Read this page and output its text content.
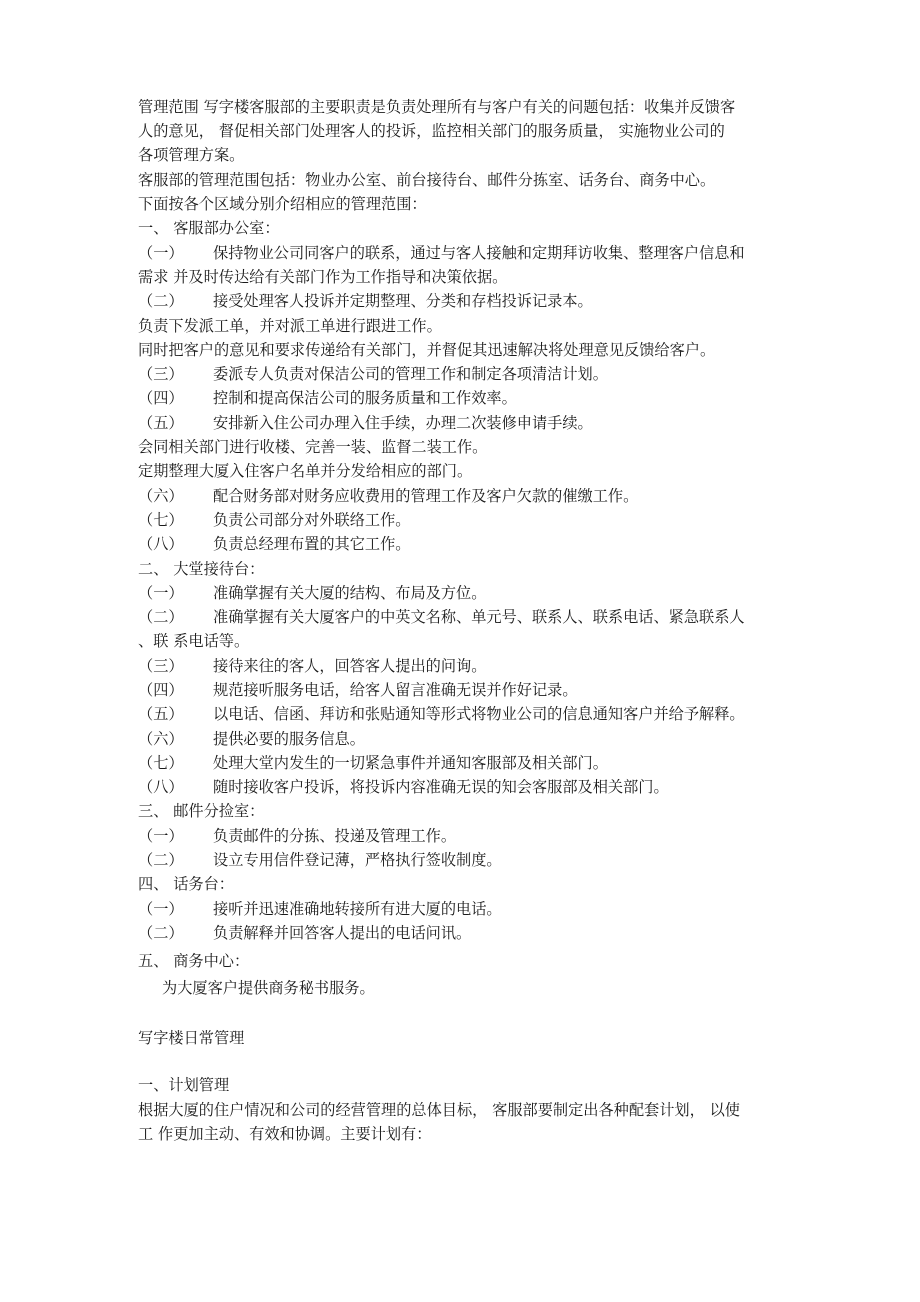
管理范围 写字楼客服部的主要职责是负责处理所有与客户有关的问题包括：收集并反馈客
人的意见， 督促相关部门处理客人的投诉，监控相关部门的服务质量， 实施物业公司的
各项管理方案。
客服部的管理范围包括：物业办公室、前台接待台、邮件分拣室、话务台、商务中心。
下面按各个区域分别介绍相应的管理范围：
一、 客服部办公室：
（一） 保持物业公司同客户的联系，通过与客人接触和定期拜访收集、整理客户信息和
需求 并及时传达给有关部门作为工作指导和决策依据。
（二） 接受处理客人投诉并定期整理、分类和存档投诉记录本。
负责下发派工单，并对派工单进行跟进工作。
同时把客户的意见和要求传递给有关部门，并督促其迅速解决将处理意见反馈给客户。
（三） 委派专人负责对保洁公司的管理工作和制定各项清洁计划。
（四） 控制和提高保洁公司的服务质量和工作效率。
（五） 安排新入住公司办理入住手续，办理二次装修申请手续。
会同相关部门进行收楼、完善一装、监督二装工作。
定期整理大厦入住客户名单并分发给相应的部门。
（六） 配合财务部对财务应收费用的管理工作及客户欠款的催缴工作。
（七） 负责公司部分对外联络工作。
（八） 负责总经理布置的其它工作。
二、 大堂接待台：
（一） 准确掌握有关大厦的结构、布局及方位。
（二） 准确掌握有关大厦客户的中英文名称、单元号、联系人、联系电话、紧急联系人
、联 系电话等。
（三） 接待来往的客人，回答客人提出的问询。
（四） 规范接听服务电话，给客人留言准确无误并作好记录。
（五） 以电话、信函、拜访和张贴通知等形式将物业公司的信息通知客户并给予解释。
（六） 提供必要的服务信息。
（七） 处理大堂内发生的一切紧急事件并通知客服部及相关部门。
（八） 随时接收客户投诉，将投诉内容准确无误的知会客服部及相关部门。
三、 邮件分捡室：
（一） 负责邮件的分拣、投递及管理工作。
（二） 设立专用信件登记薄，严格执行签收制度。
四、 话务台：
（一） 接听并迅速准确地转接所有进大厦的电话。
（二） 负责解释并回答客人提出的电话问讯。
五、 商务中心：
为大厦客户提供商务秘书服务。
写字楼日常管理
一、计划管理
根据大厦的住户情况和公司的经营管理的总体目标， 客服部要制定出各种配套计划， 以使
工 作更加主动、有效和协调。主要计划有：
